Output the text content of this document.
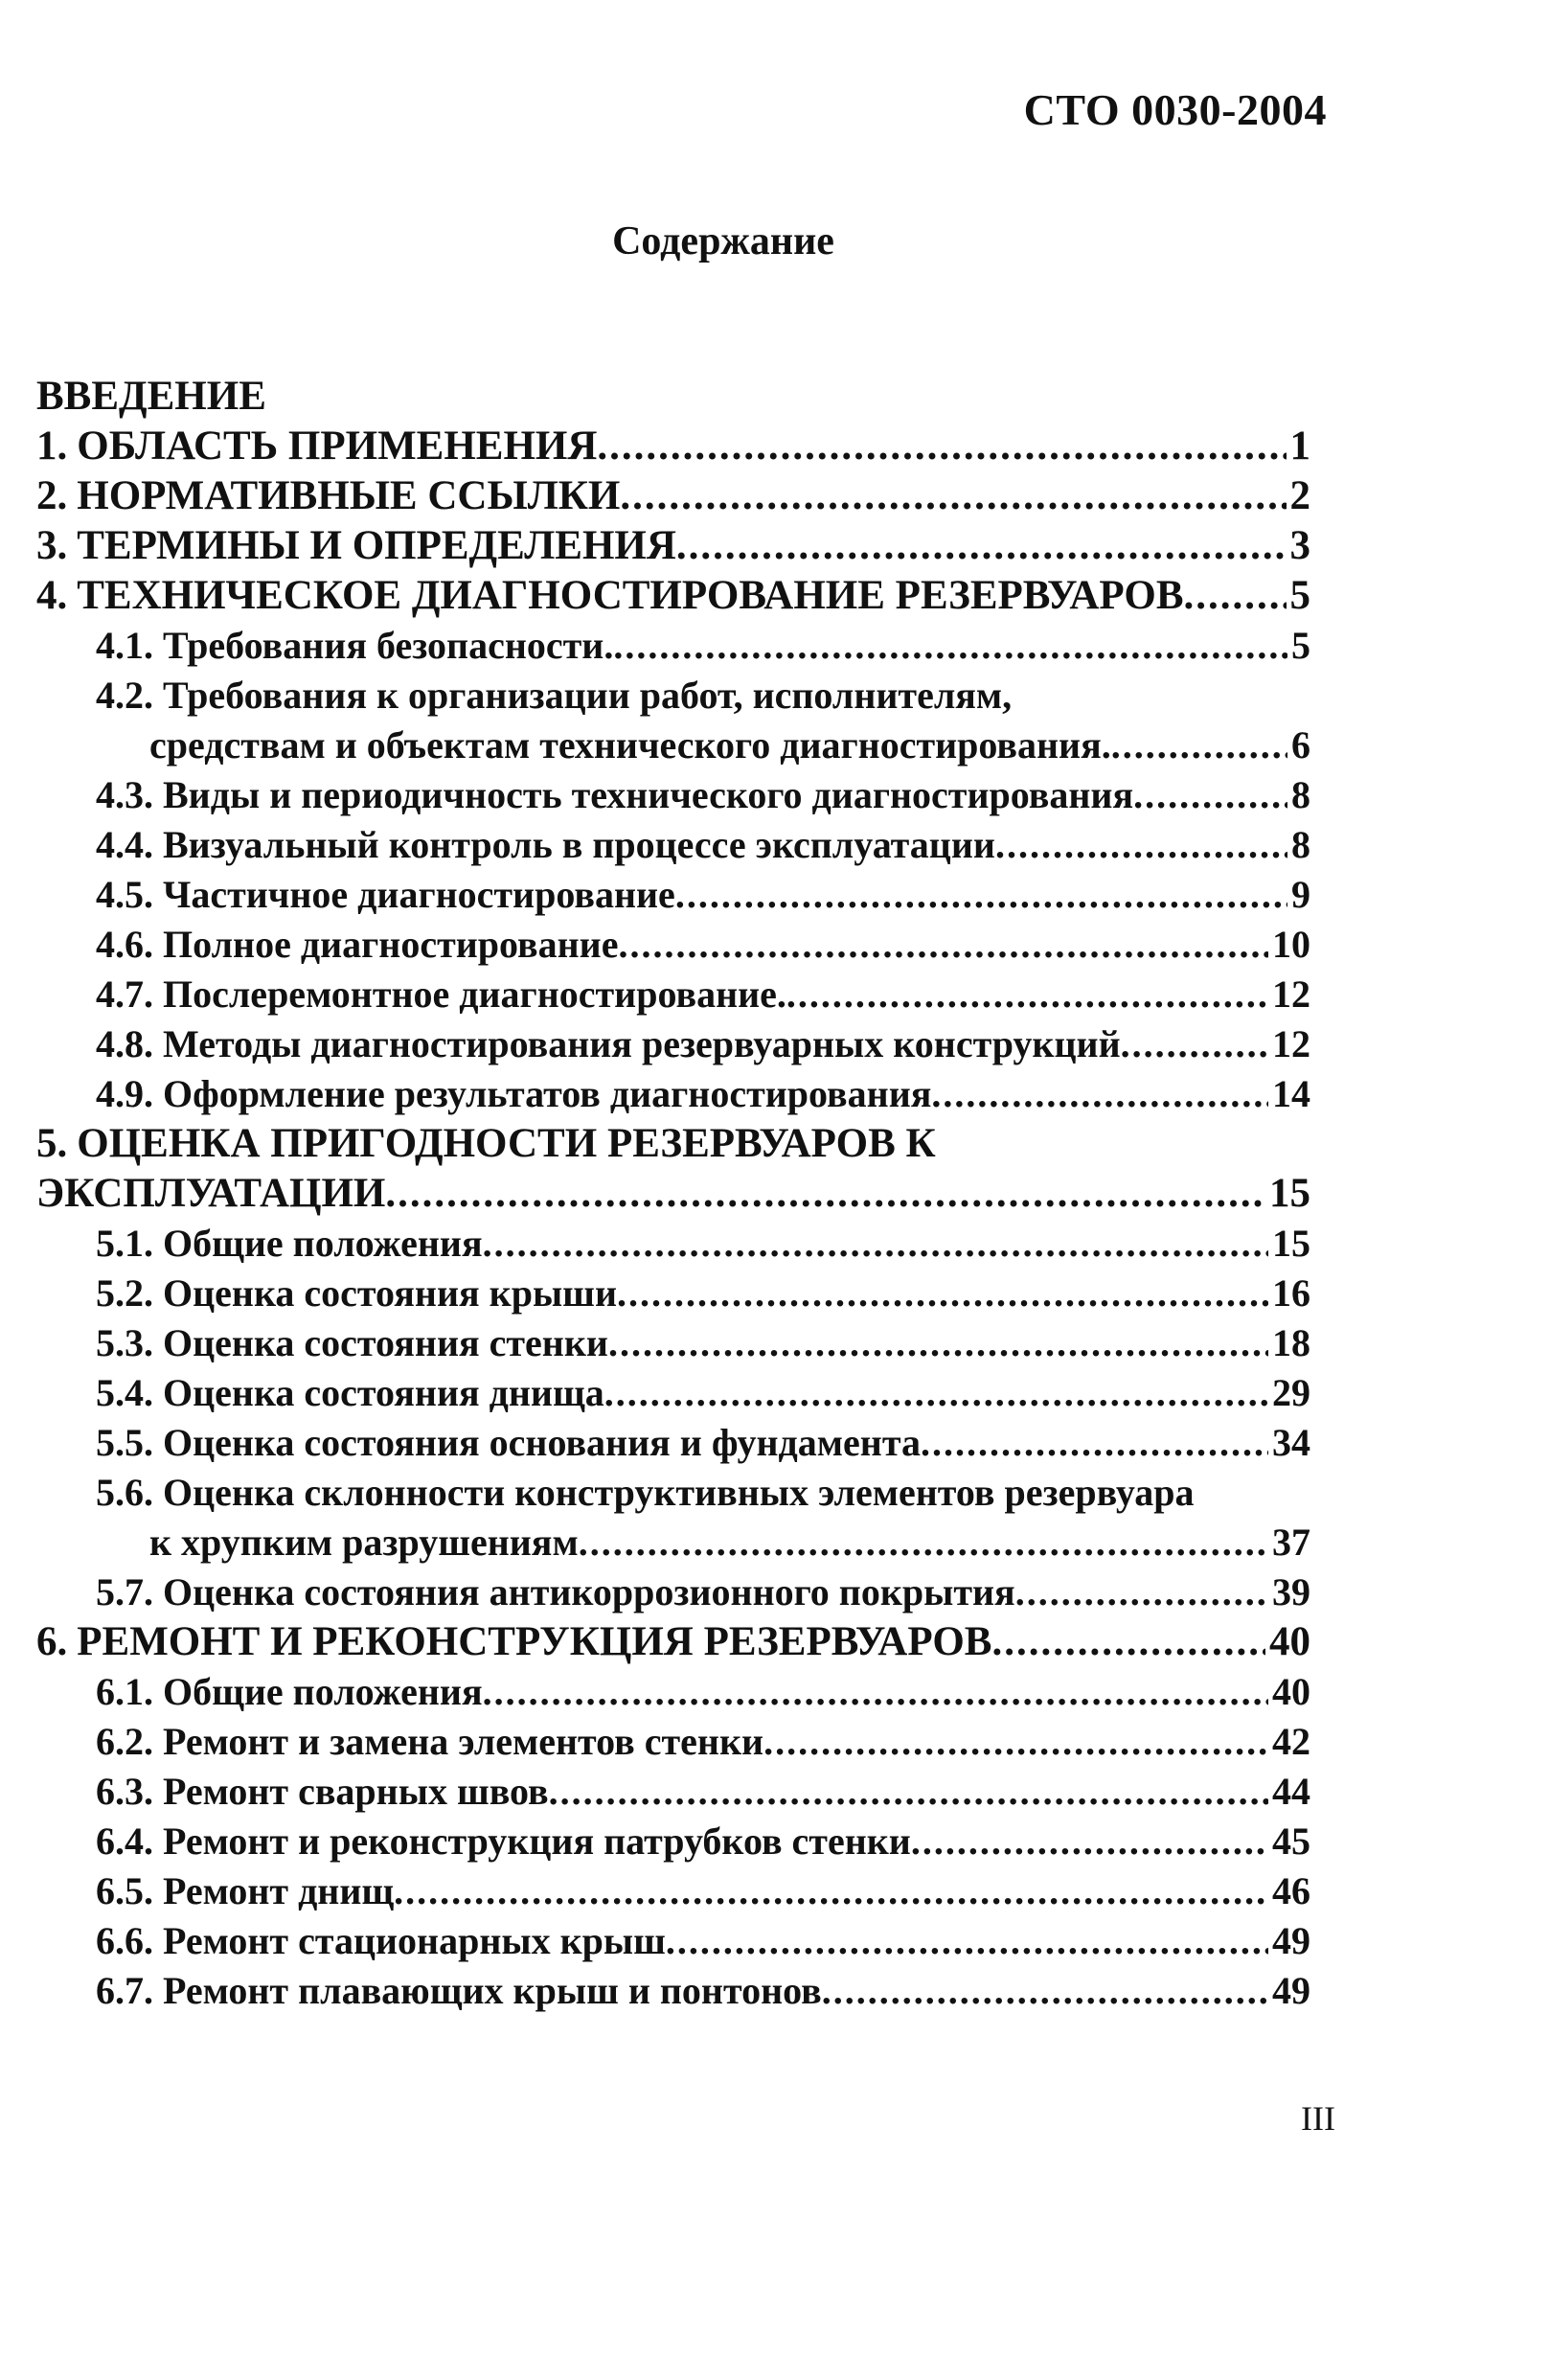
СТО 0030-2004
Содержание
ВВЕДЕНИЕ
1. ОБЛАСТЬ ПРИМЕНЕНИЯ .....	1
2. НОРМАТИВНЫЕ ССЫЛКИ .....	2
3. ТЕРМИНЫ И ОПРЕДЕЛЕНИЯ .....	3
4. ТЕХНИЧЕСКОЕ ДИАГНОСТИРОВАНИЕ РЕЗЕРВУАРОВ .....	5
4.1. Требования безопасности. .....	5
4.2. Требования к организации работ, исполнителям,
средствам и объектам технического диагностирования. .....	6
4.3. Виды и периодичность технического диагностирования .....	8
4.4. Визуальный контроль в процессе эксплуатации .....	8
4.5. Частичное диагностирование .....	9
4.6. Полное диагностирование .....	10
4.7. Послеремонтное диагностирование. .....	12
4.8. Методы диагностирования резервуарных конструкций .....	12
4.9. Оформление результатов диагностирования .....	14
5. ОЦЕНКА ПРИГОДНОСТИ РЕЗЕРВУАРОВ К
ЭКСПЛУАТАЦИИ .....	15
5.1. Общие положения .....	15
5.2. Оценка состояния крыши .....	16
5.3. Оценка состояния стенки .....	18
5.4. Оценка состояния днища .....	29
5.5. Оценка состояния основания и фундамента .....	34
5.6. Оценка склонности конструктивных элементов резервуара
к хрупким разрушениям .....	37
5.7. Оценка состояния антикоррозионного покрытия .....	39
6. РЕМОНТ И РЕКОНСТРУКЦИЯ РЕЗЕРВУАРОВ .....	40
6.1. Общие положения .....	40
6.2. Ремонт и замена элементов стенки .....	42
6.3. Ремонт сварных швов .....	44
6.4. Ремонт и реконструкция патрубков стенки .....	45
6.5. Ремонт днищ .....	46
6.6. Ремонт стационарных крыш .....	49
6.7. Ремонт плавающих крыш и понтонов .....	49
III
